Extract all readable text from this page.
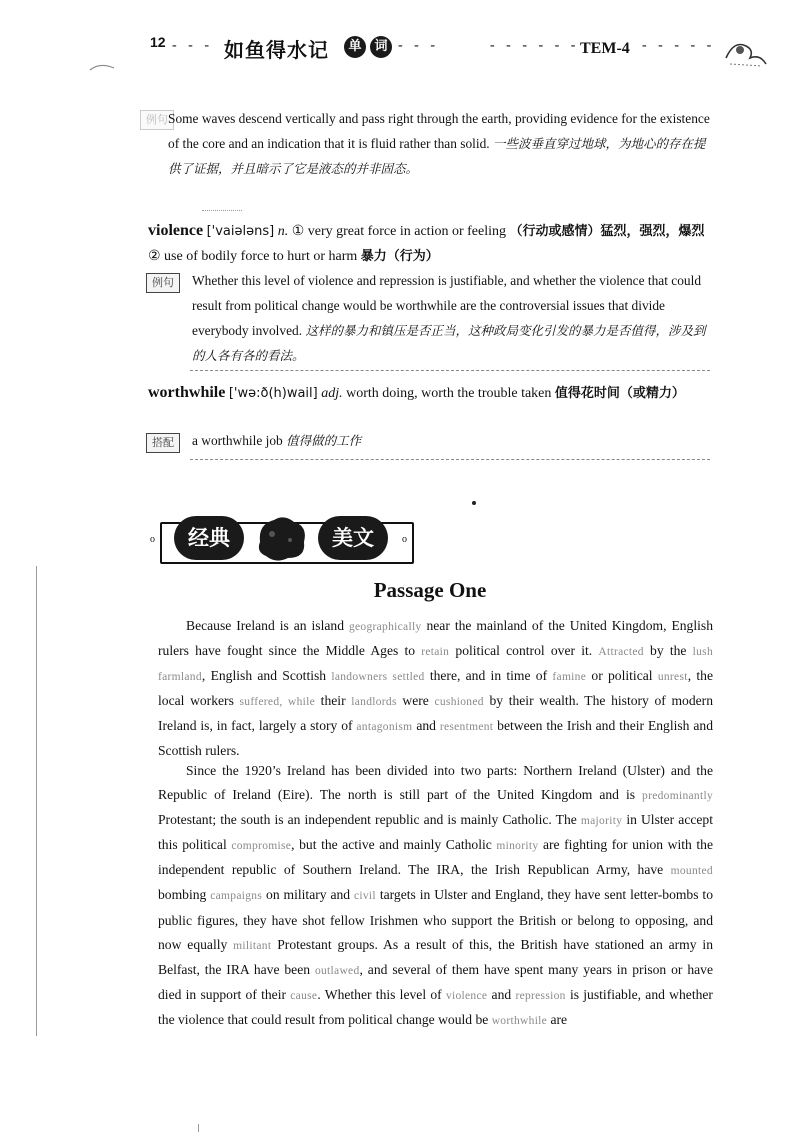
12 - - - 如鱼得水记	单 词 - - -	- - - - - - TEM-4 - - - - -
例句 Some waves descend vertically and pass right through the earth, providing evidence for the existence of the core and an indication that it is fluid rather than solid. 一些波垂直穿过地球，为地心的存在提供了证据，并且暗示了它是液态的并非固态。
violence ['vaiələns] n. ① very great force in action or feeling （行动或感情）猛烈，强烈，爆烈② use of bodily force to hurt or harm 暴力（行为）
例句	Whether this level of violence and repression is justifiable, and whether the violence that could result from political change would be worthwhile are the controversial issues that divide everybody involved. 这样的暴力和镇压是否正当，这种政局变化引发的暴力是否值得，涉及到的人各有各的看法。
worthwhile ['wə:ð(h)wail] adj. worth doing, worth the trouble taken 值得花时间（或精力）
搭配	a worthwhile job 值得做的工作
o	经典	美文	o
Passage One
Because Ireland is an island geographically near the mainland of the United Kingdom, English rulers have fought since the Middle Ages to retain political control over it. Attracted by the lush farmland, English and Scottish landowners settled there, and in time of famine or political unrest, the local workers suffered, while their landlords were cushioned by their wealth. The history of modern Ireland is, in fact, largely a story of antagonism and resentment between the Irish and their English and Scottish rulers.
Since the 1920’s Ireland has been divided into two parts: Northern Ireland (Ulster) and the Republic of Ireland (Eire). The north is still part of the United Kingdom and is predominantly Protestant; the south is an independent republic and is mainly Catholic. The majority in Ulster accept this political compromise, but the active and mainly Catholic minority are fighting for union with the independent republic of Southern Ireland. The IRA, the Irish Republican Army, have mounted bombing campaigns on military and civil targets in Ulster and England, they have sent letter-bombs to public figures, they have shot fellow Irishmen who support the British or belong to opposing, and now equally militant Protestant groups. As a result of this, the British have stationed an army in Belfast, the IRA have been outlawed, and several of them have spent many years in prison or have died in support of their cause. Whether this level of violence and repression is justifiable, and whether the violence that could result from political change would be worthwhile are
